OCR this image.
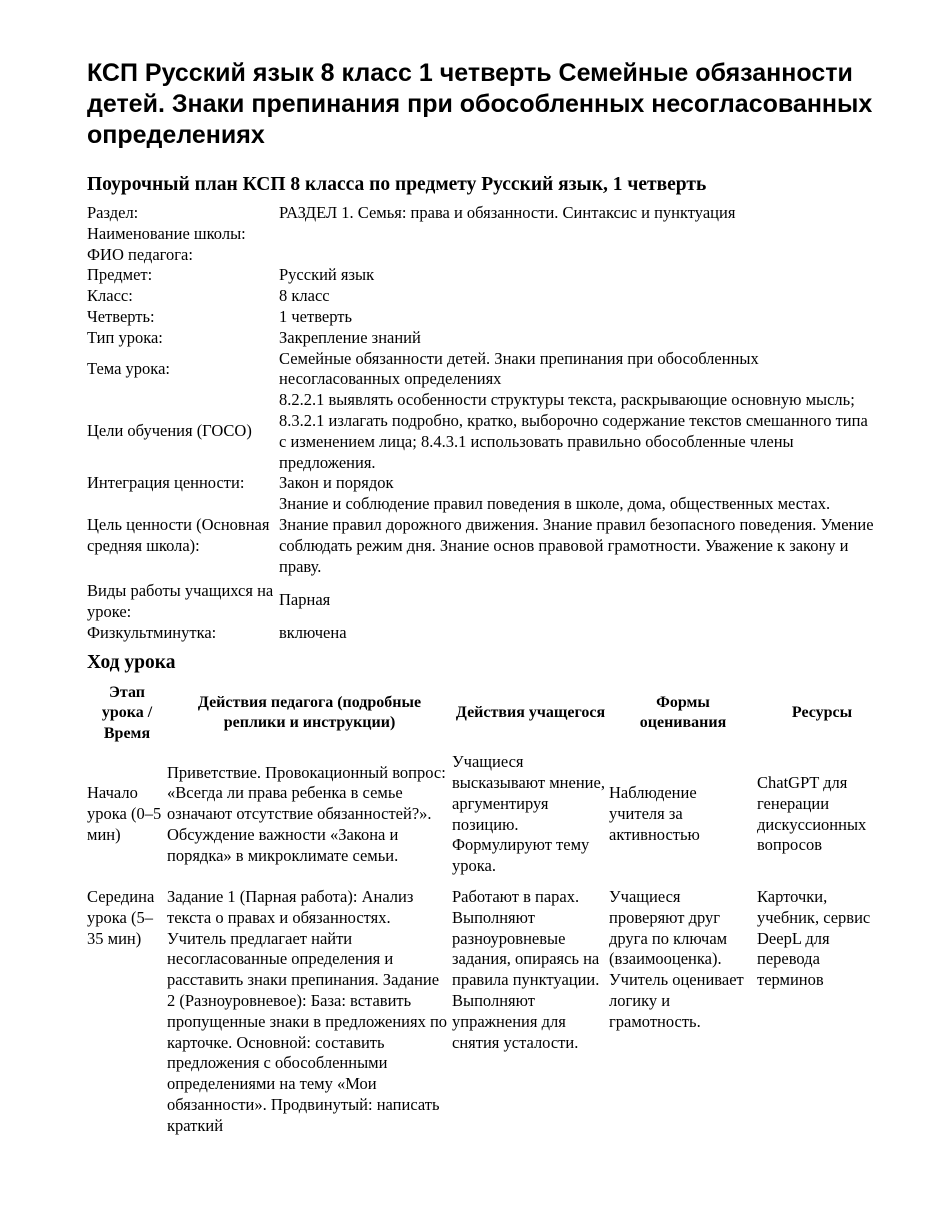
КСП Русский язык 8 класс 1 четверть Семейные обязанности детей. Знаки препинания при обособленных несогласованных определениях
Поурочный план КСП 8 класса по предмету Русский язык, 1 четверть
Раздел:	РАЗДЕЛ 1. Семья: права и обязанности. Синтаксис и пунктуация
Наименование школы:	
ФИО педагога:	
Предмет:	Русский язык
Класс:	8 класс
Четверть:	1 четверть
Тип урока:	Закрепление знаний
Тема урока:	Семейные обязанности детей. Знаки препинания при обособленных несогласованных определениях
Цели обучения (ГОСО)	8.2.2.1 выявлять особенности структуры текста, раскрывающие основную мысль; 8.3.2.1 излагать подробно, кратко, выборочно содержание текстов смешанного типа с изменением лица; 8.4.3.1 использовать правильно обособленные члены предложения.
Интеграция ценности:	Закон и порядок
Цель ценности (Основная средняя школа):	Знание и соблюдение правил поведения в школе, дома, общественных местах. Знание правил дорожного движения. Знание правил безопасного поведения. Умение соблюдать режим дня. Знание основ правовой грамотности. Уважение к закону и праву.
Виды работы учащихся на уроке:	Парная
Физкультминутка:	включена
Ход урока
Этап урока / Время	Действия педагога (подробные реплики и инструкции)	Действия учащегося	Формы оценивания	Ресурсы
Начало урока (0–5 мин)	Приветствие. Провокационный вопрос: «Всегда ли права ребенка в семье означают отсутствие обязанностей?». Обсуждение важности «Закона и порядка» в микроклимате семьи.	Учащиеся высказывают мнение, аргументируя позицию. Формулируют тему урока.	Наблюдение учителя за активностью	ChatGPT для генерации дискуссионных вопросов
Середина урока (5–35 мин)	Задание 1 (Парная работа): Анализ текста о правах и обязанностях. Учитель предлагает найти несогласованные определения и расставить знаки препинания. Задание 2 (Разноуровневое): База: вставить пропущенные знаки в предложениях по карточке. Основной: составить предложения с обособленными определениями на тему «Мои обязанности». Продвинутый: написать краткий	Работают в парах. Выполняют разноуровневые задания, опираясь на правила пунктуации. Выполняют упражнения для снятия усталости.	Учащиеся проверяют друг друга по ключам (взаимооценка). Учитель оценивает логику и грамотность.	Карточки, учебник, сервис DeepL для перевода терминов
